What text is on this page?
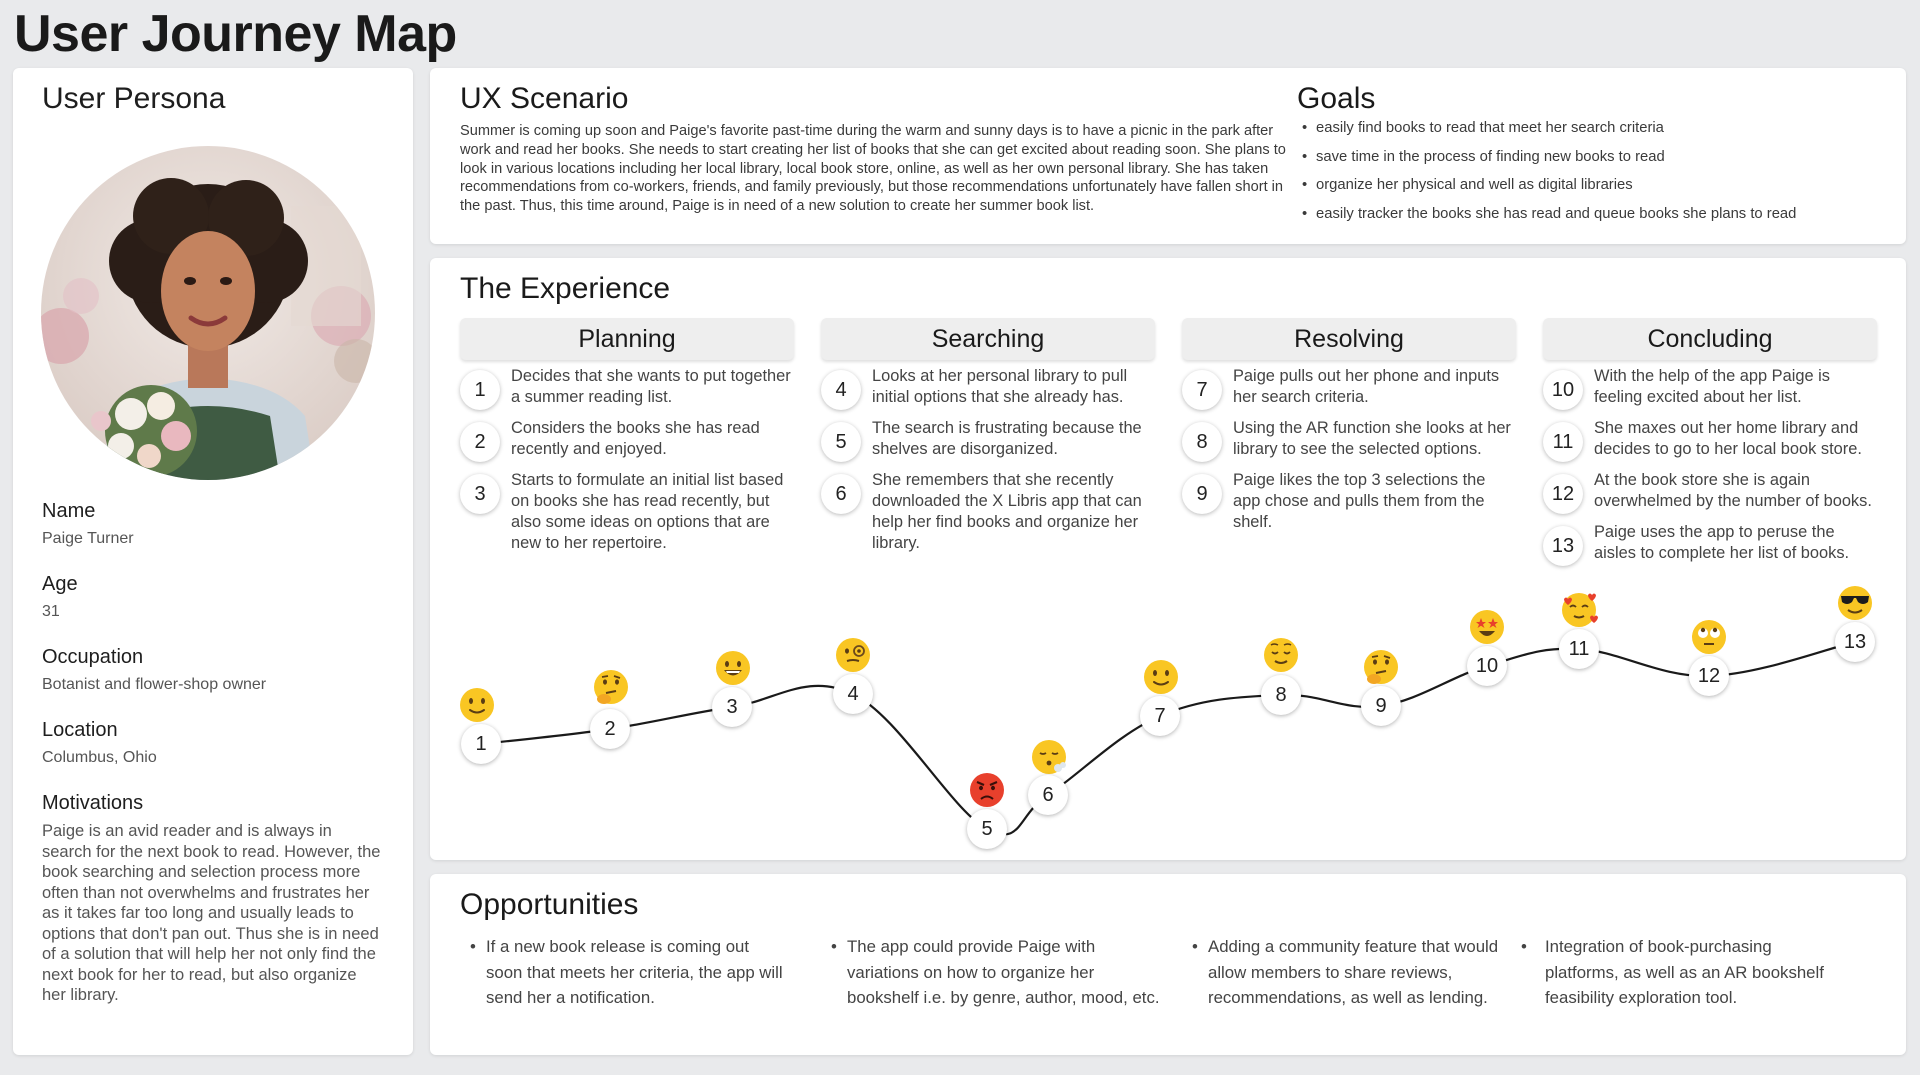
User Journey Map
User Persona
Name
Paige Turner
Age
31
Occupation
Botanist and flower-shop owner
Location
Columbus, Ohio
Motivations
Paige is an avid reader and is always in search for the next book to read. However, the book searching and selection process more often than not overwhelms and frustrates her as it takes far too long and usually leads to options that don't pan out. Thus she is in need of a solution that will help her not only find the next book for her to read, but also organize her library.
UX Scenario
Summer is coming up soon and Paige's favorite past-time during the warm and sunny days is to have a picnic in the park after work and read her books. She needs to start creating her list of books that she can get excited about reading soon. She plans to look in various locations including her local library, local book store, online, as well as her own personal library. She has taken recommendations from co-workers, friends, and family previously, but those recommendations unfortunately have fallen short in the past. Thus, this time around, Paige is in need of a new solution to create her summer book list.
Goals
• easily find books to read that meet her search criteria
• save time in the process of finding new books to read
• organize her physical and well as digital libraries
• easily tracker the books she has read and queue books she plans to read
The Experience
Planning
1
Decides that she wants to put together a summer reading list.
2
Considers the books she has read recently and enjoyed.
3
Starts to formulate an initial list based on books she has read recently, but also some ideas on options that are new to her repertoire.
Searching
4
Looks at her personal library to pull initial options that she already has.
5
The search is frustrating because the shelves are disorganized.
6
She remembers that she recently downloaded the X Libris app that can help her find books and organize her library.
Resolving
7
Paige pulls out her phone and inputs her search criteria.
8
Using the AR function she looks at her library to see the selected options.
9
Paige likes the top 3 selections the app chose and pulls them from the shelf.
Concluding
10
With the help of the app Paige is feeling excited about her list.
11
She maxes out her home library and decides to go to her local book store.
12
At the book store she is again overwhelmed by the number of books.
13
Paige uses the app to peruse the aisles to complete her list of books.
1
2
3
4
5
6
7
8	9
10
11
12
13
Opportunities
• If a new book release is coming out soon that meets her criteria, the app will send her a notification.
• The app could provide Paige with variations on how to organize her bookshelf i.e. by genre, author, mood, etc.
• Adding a community feature that would allow members to share reviews, recommendations, as well as lending.
•	Integration of book-purchasing platforms, as well as an AR bookshelf feasibility exploration tool.
